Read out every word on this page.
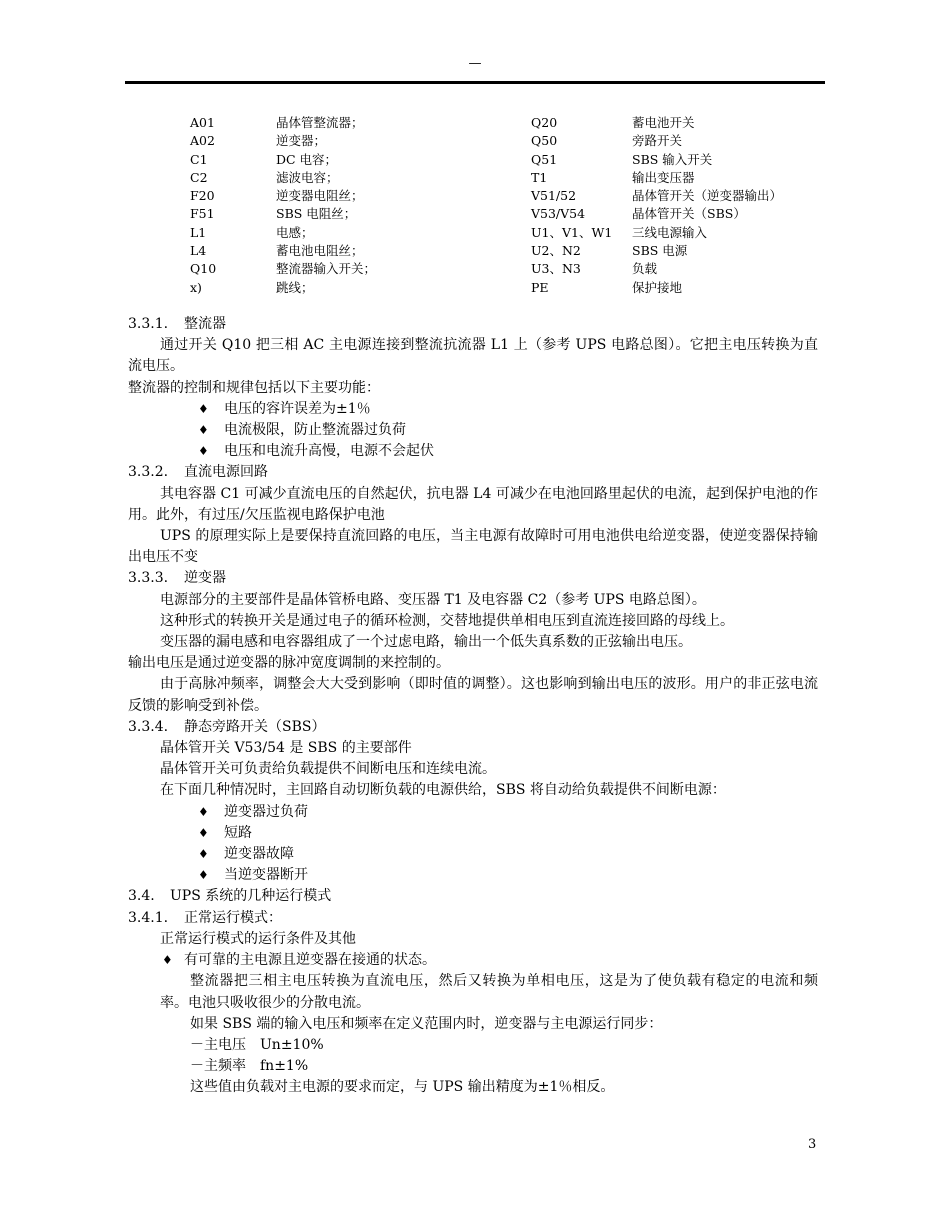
—
A01	晶体管整流器；	Q20	蓄电池开关
A02	逆变器；	Q50	旁路开关
C1	DC 电容；	Q51	SBS 输入开关
C2	滤波电容；	T1	输出变压器
F20	逆变器电阻丝；	V51/52	晶体管开关（逆变器输出）
F51	SBS 电阻丝；	V53/V54	晶体管开关（SBS）
L1	电感；	U1、V1、W1 三线电源输入
L4	蓄电池电阻丝；	U2、N2	SBS 电源
Q10	整流器输入开关；	U3、N3	负载
x)	跳线；	PE	保护接地

3.3.1. 整流器

通过开关 Q10 把三相 AC 主电源连接到整流抗流器 L1 上（参考 UPS 电路总图）。它把主电压转换为直流电压。

整流器的控制和规律包括以下主要功能：

♦ 电压的容许误差为±1％
♦ 电流极限，防止整流器过负荷
♦ 电压和电流升高慢，电源不会起伏

3.3.2. 直流电源回路

其电容器 C1 可减少直流电压的自然起伏，抗电器 L4 可减少在电池回路里起伏的电流，起到保护电池的作用。此外，有过压/欠压监视电路保护电池

UPS 的原理实际上是要保持直流回路的电压，当主电源有故障时可用电池供电给逆变器，使逆变器保持输出电压不变

3.3.3. 逆变器

电源部分的主要部件是晶体管桥电路、变压器 T1 及电容器 C2（参考 UPS 电路总图）。

这种形式的转换开关是通过电子的循环检测，交替地提供单相电压到直流连接回路的母线上。

变压器的漏电感和电容器组成了一个过虑电路，输出一个低失真系数的正弦输出电压。

输出电压是通过逆变器的脉冲宽度调制的来控制的。

由于高脉冲频率，调整会大大受到影响（即时值的调整）。这也影响到输出电压的波形。用户的非正弦电流反馈的影响受到补偿。

3.3.4. 静态旁路开关（SBS）

晶体管开关 V53/54 是 SBS 的主要部件

晶体管开关可负责给负载提供不间断电压和连续电流。

在下面几种情况时，主回路自动切断负载的电源供给，SBS 将自动给负载提供不间断电源：

♦ 逆变器过负荷
♦ 短路
♦ 逆变器故障
♦ 当逆变器断开

3.4. UPS 系统的几种运行模式

3.4.1. 正常运行模式：

正常运行模式的运行条件及其他

♦ 有可靠的主电源且逆变器在接通的状态。

整流器把三相主电压转换为直流电压，然后又转换为单相电压，这是为了使负载有稳定的电流和频率。电池只吸收很少的分散电流。

如果 SBS 端的输入电压和频率在定义范围内时，逆变器与主电源运行同步：

－主电压　Un±10%

－主频率　fn±1%

这些值由负载对主电源的要求而定，与 UPS 输出精度为±1％相反。

3
